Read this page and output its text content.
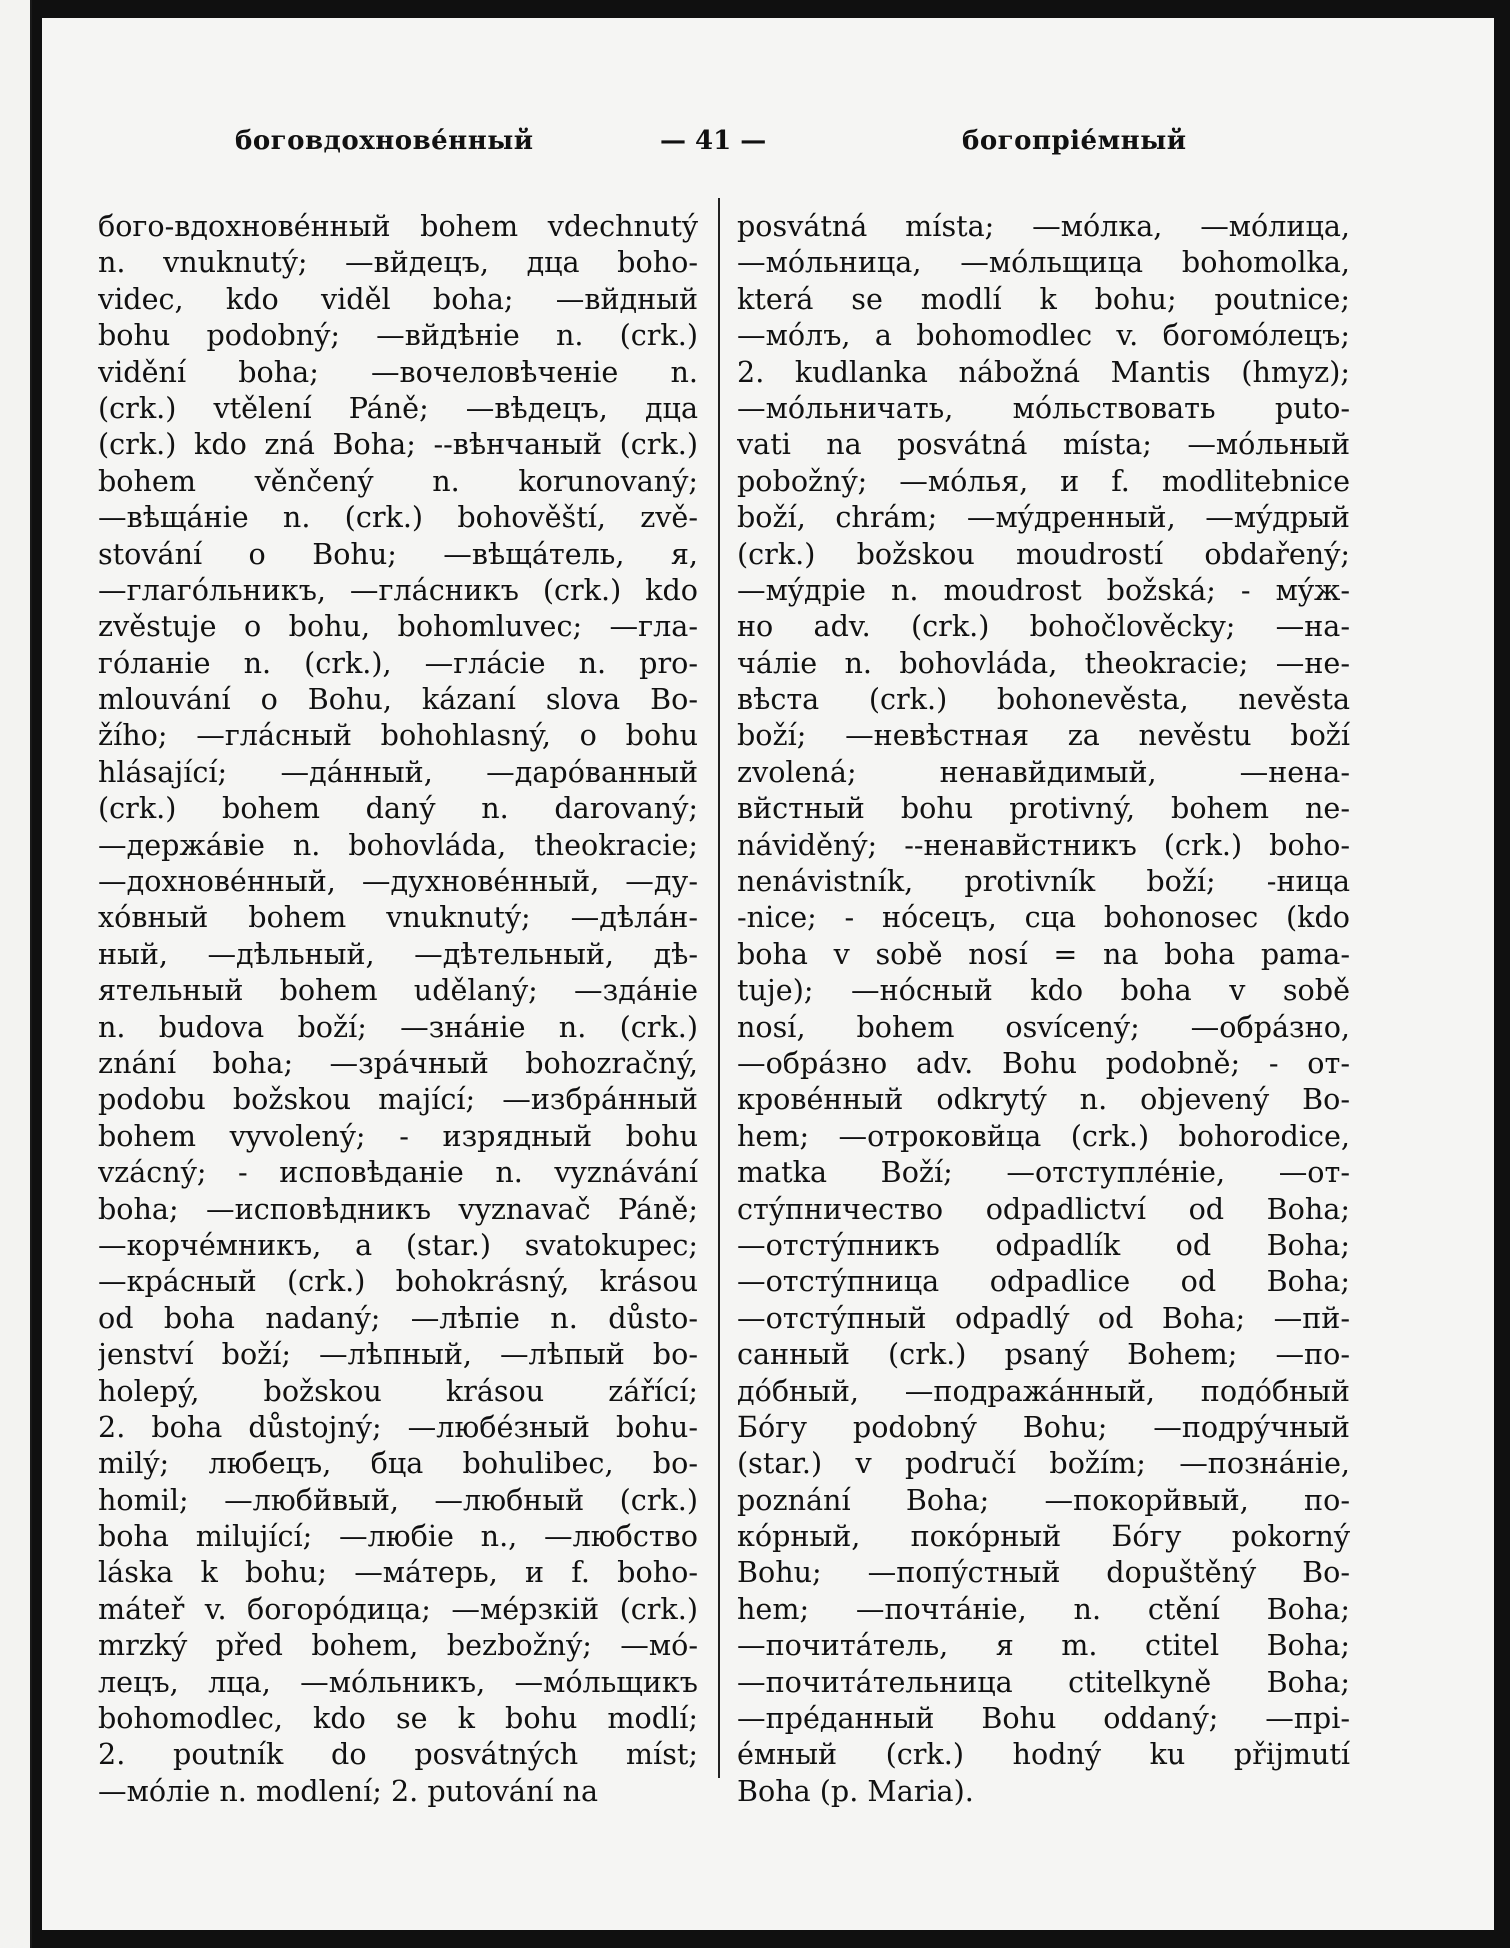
боговдохновéнный	— 41 —	богопріéмный
бого-вдохновéнный bohem vdechnutý
n. vnuknutý; —вйдецъ, дца boho-
videc, kdo viděl boha; —вйдный
bohu podobný; —вйдѣніе n. (crk.)
vidění boha; —вочеловѣченіе n.
(crk.) vtělení Páně; —вѣдецъ, дца
(crk.) kdo zná Boha; --вѣнчаный (crk.)
bohem věnčený n. korunovaný;
—вѣщáніе n. (crk.) bohověští, zvě-
stování o Bohu; —вѣщáтель, я,
—глагóльникъ, —глáсникъ (crk.) kdo
zvěstuje o bohu, bohomluvec; —гла-
гóланіе n. (crk.), —глáсіе n. pro-
mlouvání o Bohu, kázaní slova Bo-
žího; —глáсный bohohlasný, o bohu
hlásající; —дáнный, —дарóванный
(crk.) bohem daný n. darovaný;
—держáвіе n. bohovláda, theokracie;
—дохновéнный, —духновéнный, —ду-
хóвный bohem vnuknutý; —дѣлáн-
ный, —дѣльный, —дѣтельный, дѣ-
ятельный bohem udělaný; —здáніе
n. budova boží; —знáніе n. (crk.)
znání boha; —зрáчный bohozračný,
podobu božskou mající; —избрáнный
bohem vyvolený; - изрядный bohu
vzácný; - исповѣданіе n. vyznávání
boha; —исповѣдникъ vyznavač Páně;
—корчéмникъ, a (star.) svatokupec;
—крáсный (crk.) bohokrásný, krásou
od boha nadaný; —лѣпіе n. důsto-
jenství boží; —лѣпный, —лѣпый bo-
holepý, božskou krásou zářící;
2. boha důstojný; —любéзный bohu-
milý; любецъ, бца bohulibec, bo-
homil; —любйвый, —любный (crk.)
boha milující; —любіе n., —любство
láska k bohu; —мáтерь, и f. boho-
máteř v. богорóдица; —мéрзкій (crk.)
mrzký před bohem, bezbožný; —мó-
лецъ, лца, —мóльникъ, —мóльщикъ
bohomodlec, kdo se k bohu modlí;
2. poutník do posvátných míst;
—мóліе n. modlení; 2. putování na
posvátná místa; —мóлка, —мóлица,
—мóльница, —мóльщица bohomolka,
která se modlí k bohu; poutnice;
—мóлъ, a bohomodlec v. богомóлецъ;
2. kudlanka nábožná Mantis (hmyz);
—мóльничать, мóльствовать puto-
vati na posvátná místa; —мóльный
pobožný; —мóлья, и f. modlitebnice
boží, chrám; —мýдренный, —мýдрый
(crk.) božskou moudrostí obdařený;
—мýдріе n. moudrost božská; - мýж-
но adv. (crk.) bohočlověcky; —на-
чáліе n. bohovláda, theokracie; —не-
вѣста (crk.) bohonevěsta, nevěsta
boží; —невѣстная za nevěstu boží
zvolená; ненавйдимый, —нена-
вйстный bohu protivný, bohem ne-
náviděný; --ненавйстникъ (crk.) boho-
nenávistník, protivník boží; -ница
-nice; - нóсецъ, сца bohonosec (kdo
boha v sobě nosí = na boha pama-
tuje); —нóсный kdo boha v sobě
nosí, bohem osvícený; —обрáзно,
—обрáзно adv. Bohu podobně; - от-
кровéнный odkrytý n. objevený Bo-
hem; —отроковйца (crk.) bohorodice,
matka Boží; —отступлéніе, —от-
стýпничество odpadlictví od Boha;
—отстýпникъ odpadlík od Boha;
—отстýпница odpadlice od Boha;
—отстýпный odpadlý od Boha; —пй-
санный (crk.) psaný Bohem; —по-
дóбный, —подражáнный, подóбный
Бóгу podobný Bohu; —подрýчный
(star.) v područí božím; —познáніе,
poznání Boha; —покорйвый, по-
кóрный, покóрный Бóгу pokorný
Bohu; —попýстный dopuštěný Bo-
hem; —почтáніе, n. ctění Boha;
—почитáтель, я m. ctitel Boha;
—почитáтельница ctitelkyně Boha;
—прéданный Bohu oddaný; —прі-
éмный (crk.) hodný ku přijmutí
Boha (p. Maria).
